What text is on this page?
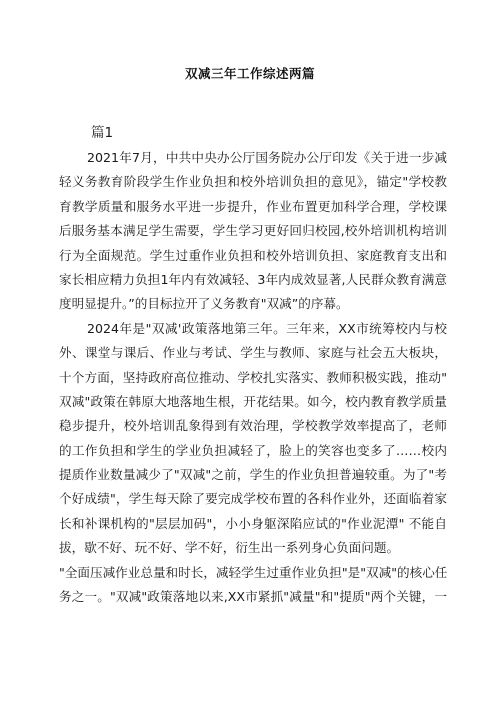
双减三年工作综述两篇
篇1
2021年7月，中共中央办公厅国务院办公厅印发《关于进一步减
轻义务教育阶段学生作业负担和校外培训负担的意见》，锚定"学校教
育教学质量和服务水平进一步提升，作业布置更加科学合理，学校课
后服务基本满足学生需要，学生学习更好回归校园,校外培训机构培训
行为全面规范。学生过重作业负担和校外培训负担、家庭教育支出和
家长相应精力负担1年内有效减轻、3年内成效显著,人民群众教育满意
度明显提升。”的目标拉开了义务教育"双减”的序幕。
2024年是"双减'政策落地第三年。三年来，XX市统筹校内与校
外、课堂与课后、作业与考试、学生与教师、家庭与社会五大板块，
十个方面，坚持政府高位推动、学校扎实落实、教师积极实践，推动"
双减"政策在韩原大地落地生根，开花结果。如今，校内教育教学质量
稳步提升，校外培训乱象得到有效治理，学校教学效率提高了，老师
的工作负担和学生的学业负担减轻了，脸上的笑容也变多了……校内
提质作业数量减少了"双减"之前，学生的作业负担普遍较重。为了"考
个好成绩"，学生每天除了要完成学校布置的各科作业外，还面临着家
长和补课机构的"层层加码"，小小身躯深陷应试的"作业泥潭" 不能自
拔，歇不好、玩不好、学不好，衍生出一系列身心负面问题。
"全面压减作业总量和时长，减轻学生过重作业负担"是"双减"的核心任
务之一。"双减"政策落地以来,XX市紧抓"减量"和"提质"两个关键，一
